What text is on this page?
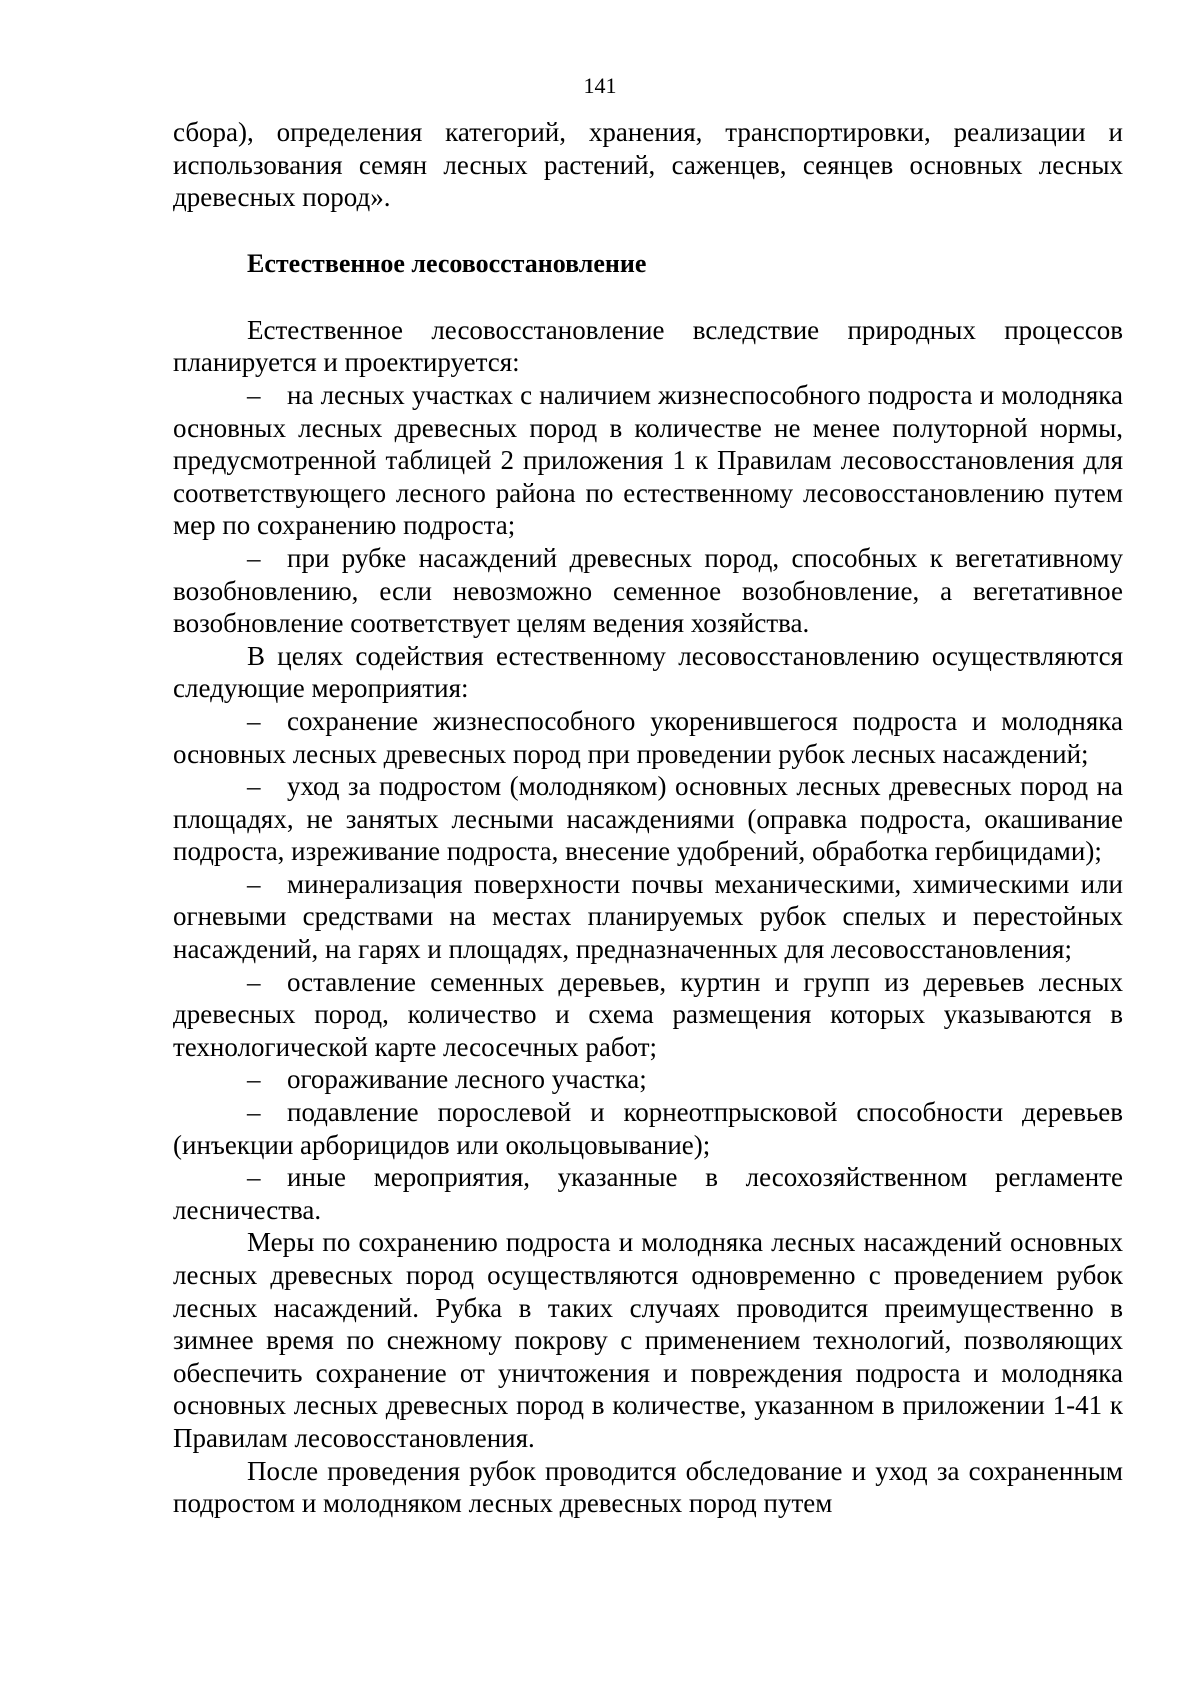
141

сбора), определения категорий, хранения, транспортировки, реализации и использования семян лесных растений, саженцев, сеянцев основных лесных древесных пород».

Естественное лесовосстановление

Естественное лесовосстановление вследствие природных процессов планируется и проектируется:

– на лесных участках с наличием жизнеспособного подроста и молодняка основных лесных древесных пород в количестве не менее полуторной нормы, предусмотренной таблицей 2 приложения 1 к Правилам лесовосстановления для соответствующего лесного района по естественному лесовосстановлению путем мер по сохранению подроста;

– при рубке насаждений древесных пород, способных к вегетативному возобновлению, если невозможно семенное возобновление, а вегетативное возобновление соответствует целям ведения хозяйства.

В целях содействия естественному лесовосстановлению осуществляются следующие мероприятия:

– сохранение жизнеспособного укоренившегося подроста и молодняка основных лесных древесных пород при проведении рубок лесных насаждений;

– уход за подростом (молодняком) основных лесных древесных пород на площадях, не занятых лесными насаждениями (оправка подроста, окашивание подроста, изреживание подроста, внесение удобрений, обработка гербицидами);

– минерализация поверхности почвы механическими, химическими или огневыми средствами на местах планируемых рубок спелых и перестойных насаждений, на гарях и площадях, предназначенных для лесовосстановления;

– оставление семенных деревьев, куртин и групп из деревьев лесных древесных пород, количество и схема размещения которых указываются в технологической карте лесосечных работ;

– огораживание лесного участка;

– подавление порослевой и корнеотпрысковой способности деревьев (инъекции арборицидов или окольцовывание);

– иные мероприятия, указанные в лесохозяйственном регламенте лесничества.

Меры по сохранению подроста и молодняка лесных насаждений основных лесных древесных пород осуществляются одновременно с проведением рубок лесных насаждений. Рубка в таких случаях проводится преимущественно в зимнее время по снежному покрову с применением технологий, позволяющих обеспечить сохранение от уничтожения и повреждения подроста и молодняка основных лесных древесных пород в количестве, указанном в приложении 1-41 к Правилам лесовосстановления.

После проведения рубок проводится обследование и уход за сохраненным подростом и молодняком лесных древесных пород путем
